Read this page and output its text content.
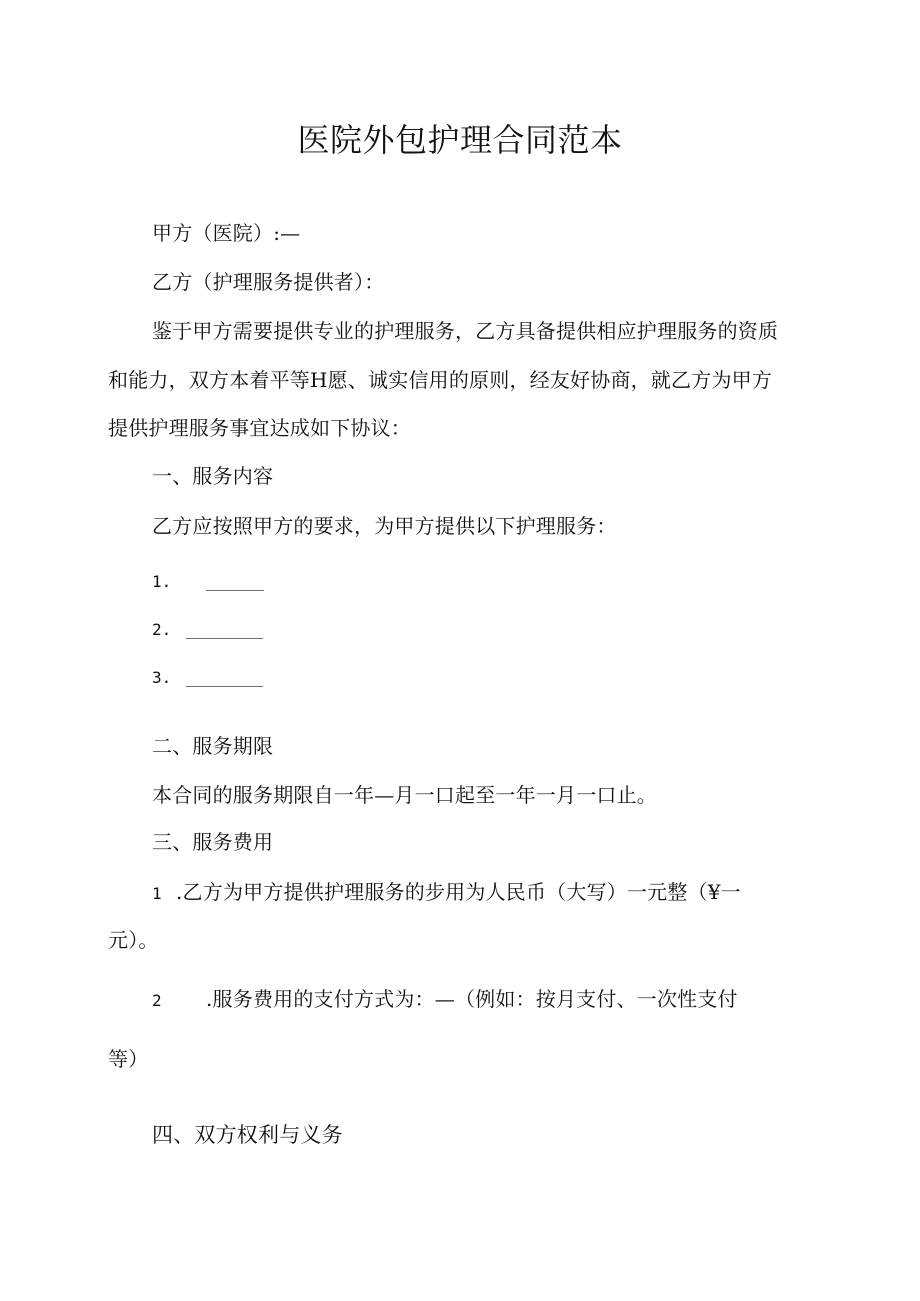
医院外包护理合同范本
甲方（医院）:—
乙方（护理服务提供者）：
鉴于甲方需要提供专业的护理服务，乙方具备提供相应护理服务的资质
和能力，双方本着平等H愿、诚实信用的原则，经友好协商，就乙方为甲方
提供护理服务事宜达成如下协议：
一、服务内容
乙方应按照甲方的要求，为甲方提供以下护理服务：
1. ______
2. ________
3. ________
二、服务期限
本合同的服务期限自一年—月一口起至一年一月一口止。
三、服务费用
1 .乙方为甲方提供护理服务的步用为人民币（大写）一元整（¥一
元）。
2 .服务费用的支付方式为：—（例如：按月支付、一次性支付
等）
四、双方权利与义务
